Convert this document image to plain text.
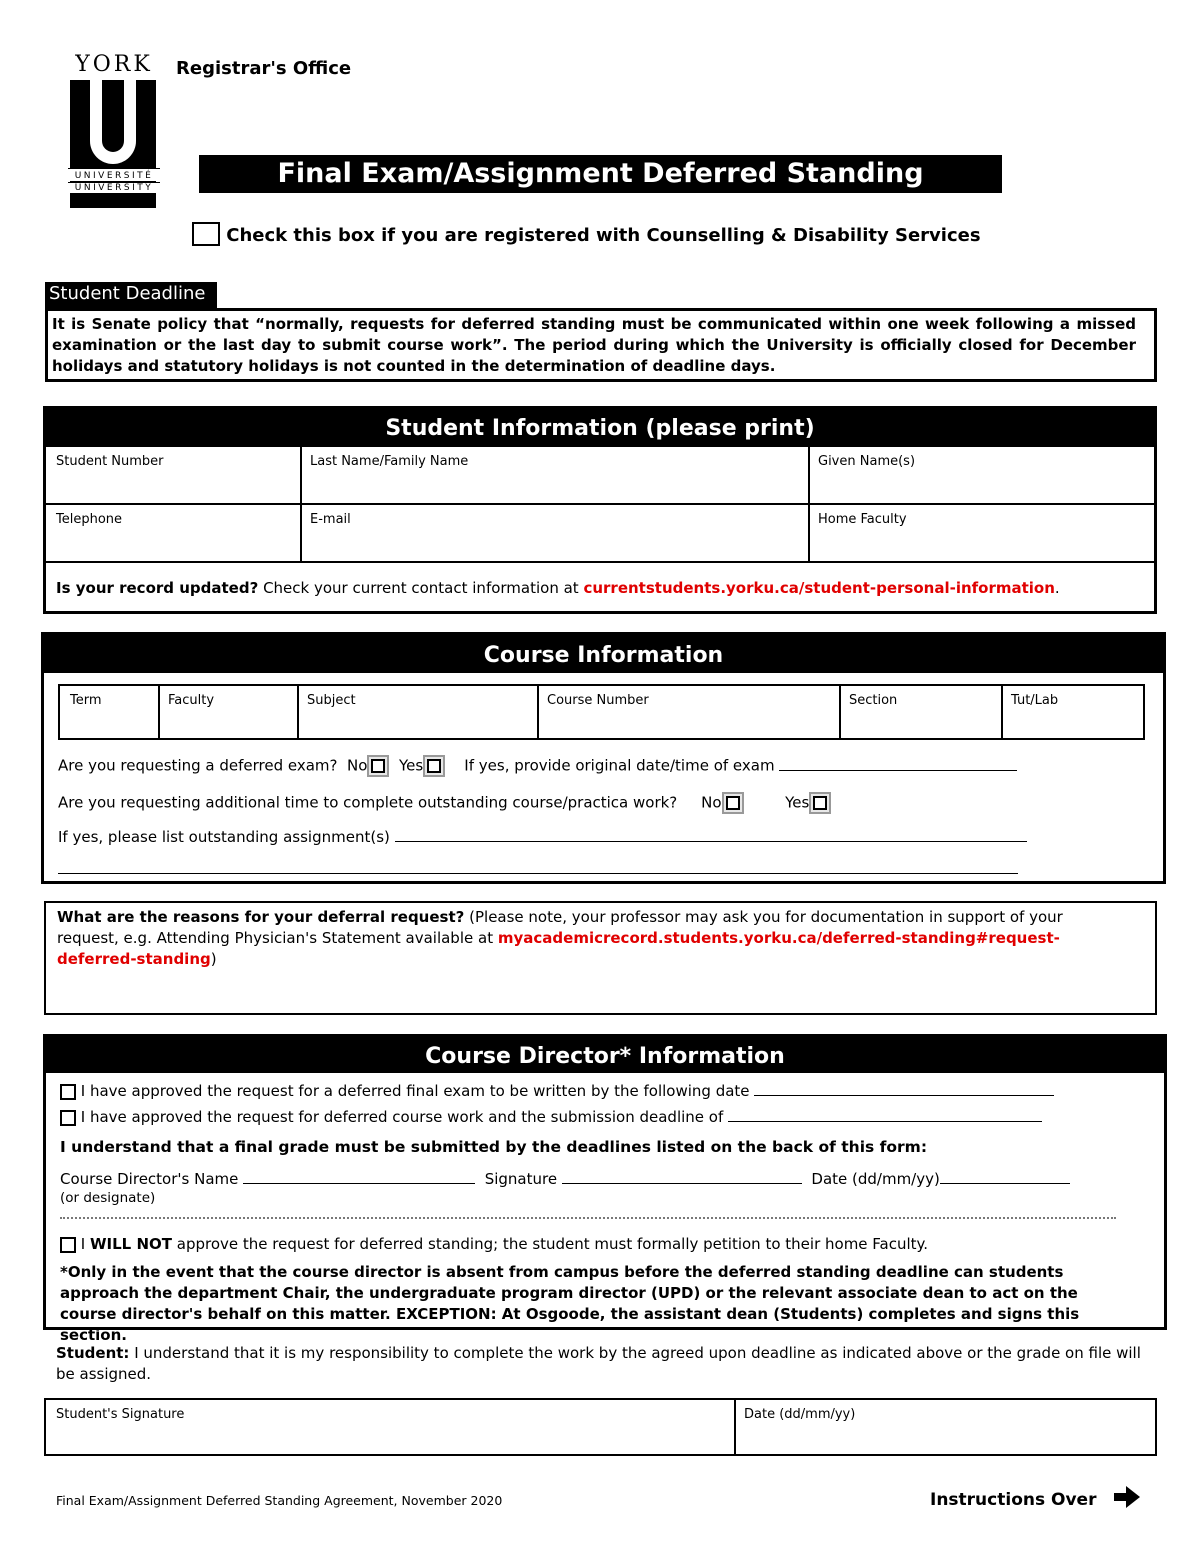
YORK
UNIVERSITÉ
UNIVERSITY
Registrar's Office
Final Exam/Assignment Deferred Standing Agreement
Check this box if you are registered with Counselling & Disability Services
Student Deadline
It is Senate policy that “normally, requests for deferred standing must be communicated within one week following a missed examination or the last day to submit course work”. The period during which the University is officially closed for December holidays and statutory holidays is not counted in the determination of deadline days.
Student Information (please print)
Student Number	Last Name/Family Name	Given Name(s)
Telephone	E-mail	Home Faculty
Is your record updated? Check your current contact information at currentstudents.yorku.ca/student-personal-information.
Course Information
Term	Faculty	Subject	Course Number	Section	Tut/Lab
Are you requesting a deferred exam? No Yes	If yes, provide original date/time of exam
Are you requesting additional time to complete outstanding course/practica work? No	Yes
If yes, please list outstanding assignment(s)
What are the reasons for your deferral request? (Please note, your professor may ask you for documentation in support of your request, e.g. Attending Physician's Statement available at myacademicrecord.students.yorku.ca/deferred-standing#request-deferred-standing)
Course Director* Information
I have approved the request for a deferred final exam to be written by the following date
I have approved the request for deferred course work and the submission deadline of
I understand that a final grade must be submitted by the deadlines listed on the back of this form:
Course Director's Name	Signature	Date (dd/mm/yy)
(or designate)
I WILL NOT approve the request for deferred standing; the student must formally petition to their home Faculty.
*Only in the event that the course director is absent from campus before the deferred standing deadline can students approach the department Chair, the undergraduate program director (UPD) or the relevant associate dean to act on the course director's behalf on this matter. EXCEPTION: At Osgoode, the assistant dean (Students) completes and signs this section.
Student: I understand that it is my responsibility to complete the work by the agreed upon deadline as indicated above or the grade on file will be assigned.
Student's Signature	Date (dd/mm/yy)
Final Exam/Assignment Deferred Standing Agreement, November 2020	Instructions Over
